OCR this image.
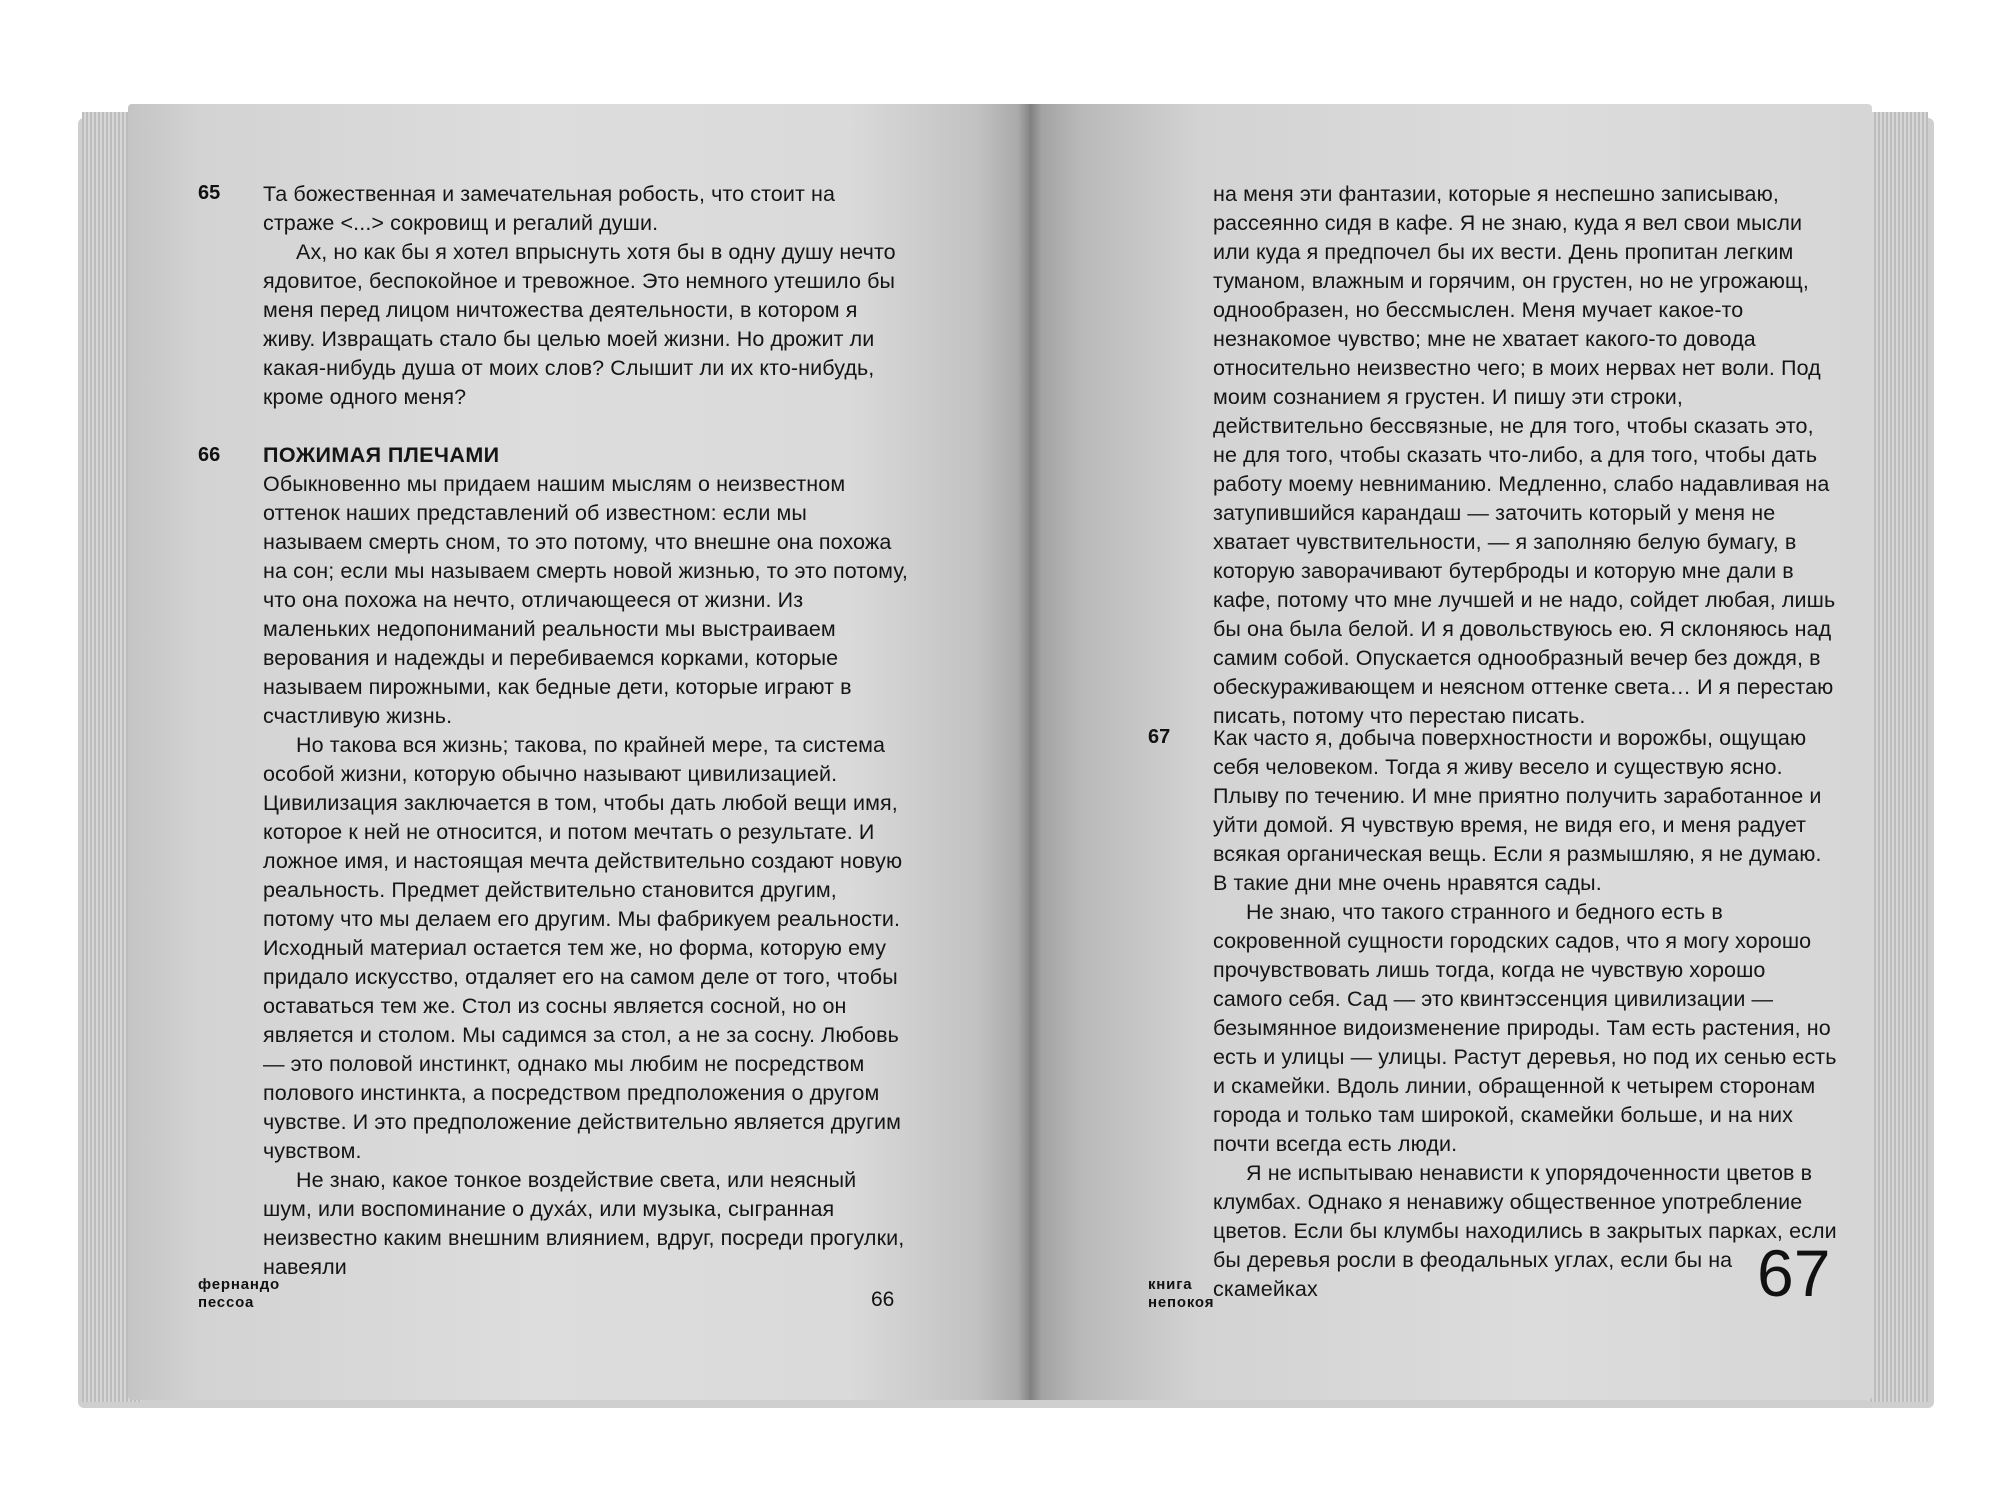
65 Та божественная и замечательная робость, что стоит на страже <...> сокровищ и регалий души.

Ах, но как бы я хотел впрыснуть хотя бы в одну душу нечто ядовитое, беспокойное и тревожное. Это немного утешило бы меня перед лицом ничтожества деятельности, в котором я живу. Извращать стало бы целью моей жизни. Но дрожит ли какая-нибудь душа от моих слов? Слышит ли их кто-нибудь, кроме одного меня?

66 ПОЖИМАЯ ПЛЕЧАМИ

Обыкновенно мы придаем нашим мыслям о неизвестном оттенок наших представлений об известном: если мы называем смерть сном, то это потому, что внешне она похожа на сон; если мы называем смерть новой жизнью, то это потому, что она похожа на нечто, отличающееся от жизни. Из маленьких недопониманий реальности мы выстраиваем верования и надежды и перебиваемся корками, которые называем пирожными, как бедные дети, которые играют в счастливую жизнь.

Но такова вся жизнь; такова, по крайней мере, та система особой жизни, которую обычно называют цивилизацией. Цивилизация заключается в том, чтобы дать любой вещи имя, которое к ней не относится, и потом мечтать о результате. И ложное имя, и настоящая мечта действительно создают новую реальность. Предмет действительно становится другим, потому что мы делаем его другим. Мы фабрикуем реальности. Исходный материал остается тем же, но форма, которую ему придало искусство, отдаляет его на самом деле от того, чтобы оставаться тем же. Стол из сосны является сосной, но он является и столом. Мы садимся за стол, а не за сосну. Любовь — это половой инстинкт, однако мы любим не посредством полового инстинкта, а посредством предположения о другом чувстве. И это предположение действительно является другим чувством.

Не знаю, какое тонкое воздействие света, или неясный шум, или воспоминание о духа́х, или музыка, сыгранная неизвестно каким внешним влиянием, вдруг, посреди прогулки, навеяли

фернандо
пессоа	66

на меня эти фантазии, которые я неспешно записываю, рассеянно сидя в кафе. Я не знаю, куда я вел свои мысли или куда я предпочел бы их вести. День пропитан легким туманом, влажным и горячим, он грустен, но не угрожающ, однообразен, но бессмыслен. Меня мучает какое-то незнакомое чувство; мне не хватает какого-то довода относительно неизвестно чего; в моих нервах нет воли. Под моим сознанием я грустен. И пишу эти строки, действительно бессвязные, не для того, чтобы сказать это, не для того, чтобы сказать что-либо, а для того, чтобы дать работу моему невниманию. Медленно, слабо надавливая на затупившийся карандаш — заточить который у меня не хватает чувствительности, — я заполняю белую бумагу, в которую заворачивают бутерброды и которую мне дали в кафе, потому что мне лучшей и не надо, сойдет любая, лишь бы она была белой. И я довольствуюсь ею. Я склоняюсь над самим собой. Опускается однообразный вечер без дождя, в обескураживающем и неясном оттенке света… И я перестаю писать, потому что перестаю писать.

67 Как часто я, добыча поверхностности и ворожбы, ощущаю себя человеком. Тогда я живу весело и существую ясно. Плыву по течению. И мне приятно получить заработанное и уйти домой. Я чувствую время, не видя его, и меня радует всякая органическая вещь. Если я размышляю, я не думаю. В такие дни мне очень нравятся сады.

Не знаю, что такого странного и бедного есть в сокровенной сущности городских садов, что я могу хорошо прочувствовать лишь тогда, когда не чувствую хорошо самого себя. Сад — это квинтэссенция цивилизации — безымянное видоизменение природы. Там есть растения, но есть и улицы — улицы. Растут деревья, но под их сенью есть и скамейки. Вдоль линии, обращенной к четырем сторонам города и только там широкой, скамейки больше, и на них почти всегда есть люди.

Я не испытываю ненависти к упорядоченности цветов в клумбах. Однако я ненавижу общественное употребление цветов. Если бы клумбы находились в закрытых парках, если бы деревья росли в феодальных углах, если бы на скамейках

книга
непокоя	67
